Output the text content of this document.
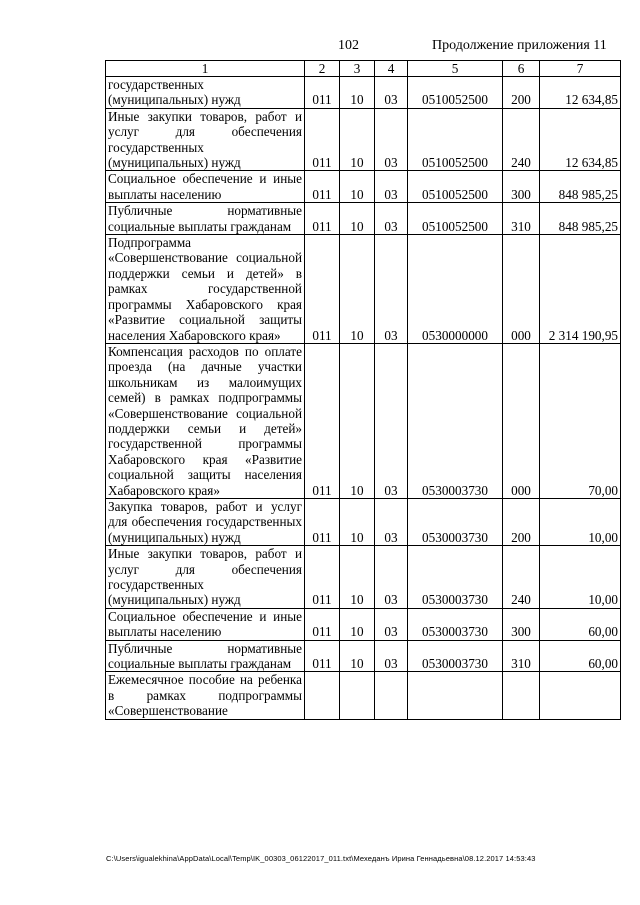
102	Продолжение приложения 11
1	2	3	4	5	6	7
государственных (муниципальных) нужд	011	10	03	0510052500	200	12 634,85
Иные закупки товаров, работ и услуг для обеспечения государственных (муниципальных) нужд	011	10	03	0510052500	240	12 634,85
Социальное обеспечение и иные выплаты населению	011	10	03	0510052500	300	848 985,25
Публичные нормативные социальные выплаты гражданам	011	10	03	0510052500	310	848 985,25
Подпрограмма «Совершенствование социальной поддержки семьи и детей» в рамках государственной программы Хабаровского края «Развитие социальной защиты населения Хабаровского края»	011	10	03	0530000000	000	2 314 190,95
Компенсация расходов по оплате проезда (на дачные участки школьникам из малоимущих семей) в рамках подпрограммы «Совершенствование социальной поддержки семьи и детей» государственной программы Хабаровского края «Развитие социальной защиты населения Хабаровского края»	011	10	03	0530003730	000	70,00
Закупка товаров, работ и услуг для обеспечения государственных (муниципальных) нужд	011	10	03	0530003730	200	10,00
Иные закупки товаров, работ и услуг для обеспечения государственных (муниципальных) нужд	011	10	03	0530003730	240	10,00
Социальное обеспечение и иные выплаты населению	011	10	03	0530003730	300	60,00
Публичные нормативные социальные выплаты гражданам	011	10	03	0530003730	310	60,00
Ежемесячное пособие на ребенка в рамках подпрограммы «Совершенствование						
C:\Users\igualekhina\AppData\Local\Temp\IK_00303_06122017_011.txt\Мехеданъ Ирина Геннадьевна\08.12.2017 14:53:43
